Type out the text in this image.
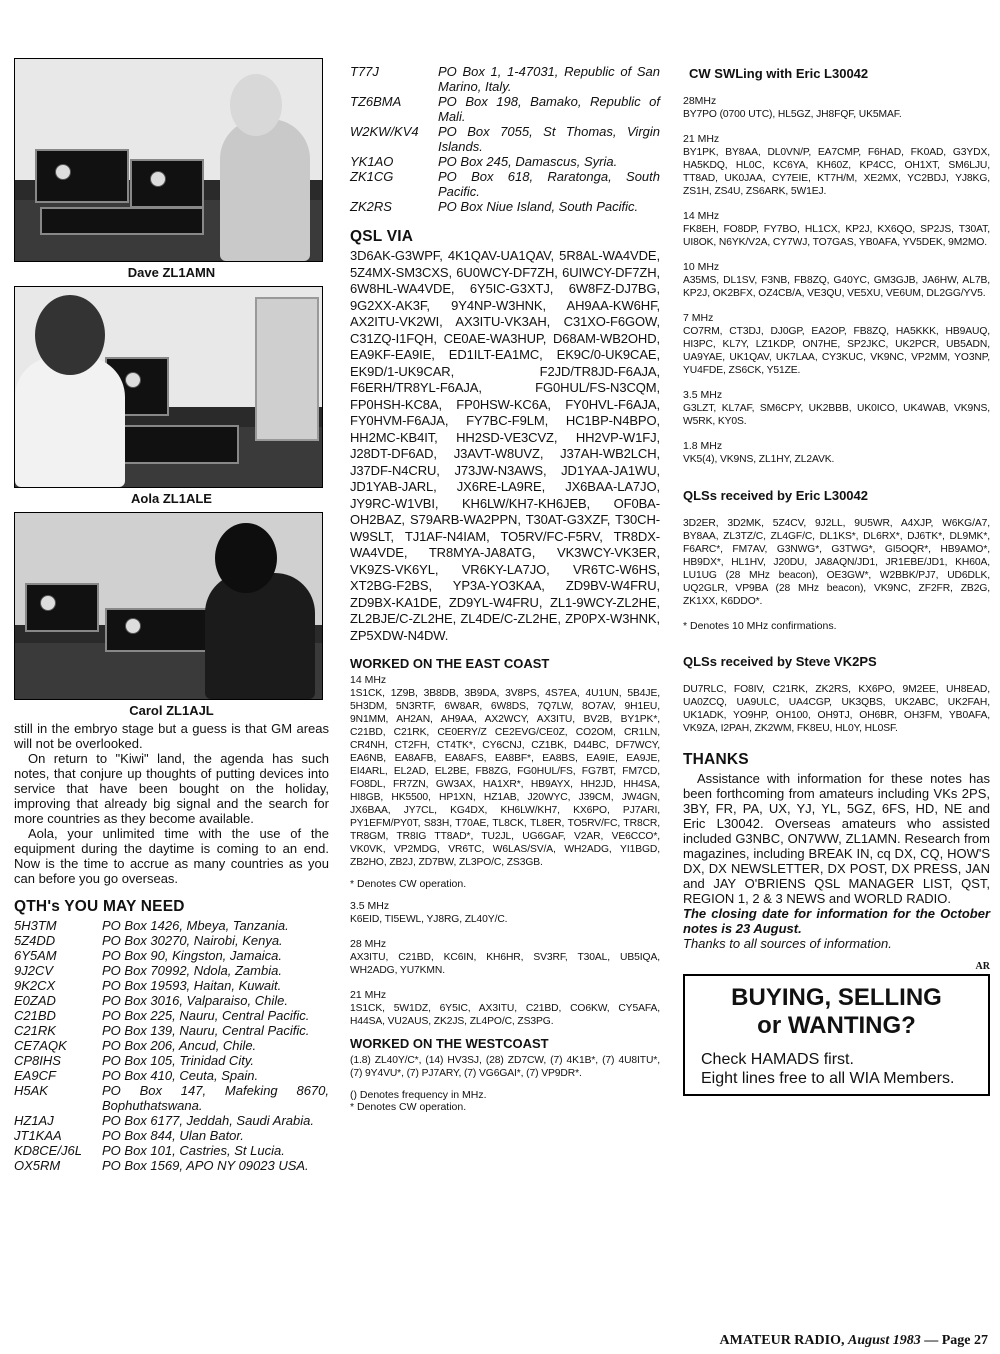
Dave ZL1AMN
Aola ZL1ALE
Carol ZL1AJL

still in the embryo stage but a guess is that GM areas will not be overlooked.

On return to "Kiwi" land, the agenda has such notes, that conjure up thoughts of putting devices into service that have been bought on the holiday, improving that already big signal and the search for more countries as they become available.

Aola, your unlimited time with the use of the equipment during the daytime is coming to an end. Now is the time to accrue as many countries as you can before you go overseas.

QTH's YOU MAY NEED
5H3TM	PO Box 1426, Mbeya, Tanzania.
5Z4DD	PO Box 30270, Nairobi, Kenya.
6Y5AM	PO Box 90, Kingston, Jamaica.
9J2CV	PO Box 70992, Ndola, Zambia.
9K2CX	PO Box 19593, Haitan, Kuwait.
E0ZAD	PO Box 3016, Valparaiso, Chile.
C21BD	PO Box 225, Nauru, Central Pacific.
C21RK	PO Box 139, Nauru, Central Pacific.
CE7AQK	PO Box 206, Ancud, Chile.
CP8IHS	PO Box 105, Trinidad City.
EA9CF	PO Box 410, Ceuta, Spain.
H5AK	PO Box 147, Mafeking 8670, Bophuthatswana.
HZ1AJ	PO Box 6177, Jeddah, Saudi Arabia.
JT1KAA	PO Box 844, Ulan Bator.
KD8CE/J6L	PO Box 101, Castries, St Lucia.
OX5RM	PO Box 1569, APO NY 09023 USA.
T77J	PO Box 1, 1-47031, Republic of San Marino, Italy.
TZ6BMA	PO Box 198, Bamako, Republic of Mali.
W2KW/KV4	PO Box 7055, St Thomas, Virgin Islands.
YK1AO	PO Box 245, Damascus, Syria.
ZK1CG	PO Box 618, Raratonga, South Pacific.
ZK2RS	PO Box Niue Island, South Pacific.
QSL VIA

3D6AK-G3WPF, 4K1QAV-UA1QAV, 5R8AL-WA4VDE, 5Z4MX-SM3CXS, 6U0WCY-DF7ZH, 6UIWCY-DF7ZH, 6W8HL-WA4VDE, 6Y5IC-G3XTJ, 6W8FZ-DJ7BG, 9G2XX-AK3F, 9Y4NP-W3HNK, AH9AA-KW6HF, AX2ITU-VK2WI, AX3ITU-VK3AH, C31XO-F6GOW, C31ZQ-I1FQH, CE0AE-WA3HUP, D68AM-WB2OHD, EA9KF-EA9IE, ED1ILT-EA1MC, EK9C/0-UK9CAE, EK9D/1-UK9CAR, F2JD/TR8JD-F6AJA, F6ERH/TR8YL-F6AJA, FG0HUL/FS-N3CQM, FP0HSH-KC8A, FP0HSW-KC6A, FY0HVL-F6AJA, FY0HVM-F6AJA, FY7BC-F9LM, HC1BP-N4BPO, HH2MC-KB4IT, HH2SD-VE3CVZ, HH2VP-W1FJ, J28DT-DF6AD, J3AVT-W8UVZ, J37AH-WB2LCH, J37DF-N4CRU, J73JW-N3AWS, JD1YAA-JA1WU, JD1YAB-JARL, JX6RE-LA9RE, JX6BAA-LA7JO, JY9RC-W1VBI, KH6LW/KH7-KH6JEB, OF0BA-OH2BAZ, S79ARB-WA2PPN, T30AT-G3XZF, T30CH-W9SLT, TJ1AF-N4IAM, TO5RV/FC-F5RV, TR8DX-WA4VDE, TR8MYA-JA8ATG, VK3WCY-VK3ER, VK9ZS-VK6YL, VR6KY-LA7JO, VR6TC-W6HS, XT2BG-F2BS, YP3A-YO3KAA, ZD9BV-W4FRU, ZD9BX-KA1DE, ZD9YL-W4FRU, ZL1-9WCY-ZL2HE, ZL2BJE/C-ZL2HE, ZL4DE/C-ZL2HE, ZP0PX-W3HNK, ZP5XDW-N4DW.

WORKED ON THE EAST COAST
14 MHz

1S1CK, 1Z9B, 3B8DB, 3B9DA, 3V8PS, 4S7EA, 4U1UN, 5B4JE, 5H3DM, 5N3RTF, 6W8AR, 6W8DS, 7Q7LW, 8O7AV, 9H1EU, 9N1MM, AH2AN, AH9AA, AX2WCY, AX3ITU, BV2B, BY1PK*, C21BD, C21RK, CE0ERY/Z CE2EVG/CE0Z, CO2OM, CR1LN, CR4NH, CT2FH, CT4TK*, CY6CNJ, CZ1BK, D44BC, DF7WCY, EA6NB, EA8AFB, EA8AFS, EA8BF*, EA8BS, EA9IE, EA9JE, EI4ARL, EL2AD, EL2BE, FB8ZG, FG0HUL/FS, FG7BT, FM7CD, FO8DL, FR7ZN, GW3AX, HA1XR*, HB9AYX, HH2JD, HH4SA, HI8GB, HK5500, HP1XN, HZ1AB, J20WYC, J39CM, JW4GN, JX6BAA, JY7CL, KG4DX, KH6LW/KH7, KX6PO, PJ7ARI, PY1EFM/PY0T, S83H, T70AE, TL8CK, TL8ER, TO5RV/FC, TR8CR, TR8GM, TR8IG TT8AD*, TU2JL, UG6GAF, V2AR, VE6CCO*, VK0VK, VP2MDG, VR6TC, W6LAS/SV/A, WH2ADG, YI1BGD, ZB2HO, ZB2J, ZD7BW, ZL3PO/C, ZS3GB.

* Denotes CW operation.
3.5 MHz

K6EID, TI5EWL, YJ8RG, ZL40Y/C.

28 MHz

AX3ITU, C21BD, KC6IN, KH6HR, SV3RF, T30AL, UB5IQA, WH2ADG, YU7KMN.

21 MHz

1S1CK, 5W1DZ, 6Y5IC, AX3ITU, C21BD, CO6KW, CY5AFA, H44SA, VU2AUS, ZK2JS, ZL4PO/C, ZS3PG.

WORKED ON THE WESTCOAST

(1.8) ZL40Y/C*, (14) HV3SJ, (28) ZD7CW, (7) 4K1B*, (7) 4U8ITU*, (7) 9Y4VU*, (7) PJ7ARY, (7) VG6GAI*, (7) VP9DR*.

() Denotes frequency in MHz.
* Denotes CW operation.
CW SWLing with Eric L30042
28MHz

BY7PO (0700 UTC), HL5GZ, JH8FQF, UK5MAF.

21 MHz

BY1PK, BY8AA, DL0VN/P, EA7CMP, F6HAD, FK0AD, G3YDX, HA5KDQ, HL0C, KC6YA, KH60Z, KP4CC, OH1XT, SM6LJU, TT8AD, UK0JAA, CY7EIE, KT7H/M, XE2MX, YC2BDJ, YJ8KG, ZS1H, ZS4U, ZS6ARK, 5W1EJ.

14 MHz

FK8EH, FO8DP, FY7BO, HL1CX, KP2J, KX6QO, SP2JS, T30AT, UI8OK, N6YK/V2A, CY7WJ, TO7GAS, YB0AFA, YV5DEK, 9M2MO.

10 MHz

A35MS, DL1SV, F3NB, FB8ZQ, G40YC, GM3GJB, JA6HW, AL7B, KP2J, OK2BFX, OZ4CB/A, VE3QU, VE5XU, VE6UM, DL2GG/YV5.

7 MHz

CO7RM, CT3DJ, DJ0GP, EA2OP, FB8ZQ, HA5KKK, HB9AUQ, HI3PC, KL7Y, LZ1KDP, ON7HE, SP2JKC, UK2PCR, UB5ADN, UA9YAE, UK1QAV, UK7LAA, CY3KUC, VK9NC, VP2MM, YO3NP, YU4FDE, ZS6CK, Y51ZE.

3.5 MHz

G3LZT, KL7AF, SM6CPY, UK2BBB, UK0ICO, UK4WAB, VK9NS, W5RK, KY0S.

1.8 MHz

VK5(4), VK9NS, ZL1HY, ZL2AVK.

QLSs received by Eric L30042

3D2ER, 3D2MK, 5Z4CV, 9J2LL, 9U5WR, A4XJP, W6KG/A7, BY8AA, ZL3TZ/C, ZL4GF/C, DL1KS*, DL6RX*, DJ6TK*, DL9MK*, F6ARC*, FM7AV, G3NWG*, G3TWG*, GI5OQR*, HB9AMO*, HB9DX*, HL1HV, J20DU, JA8AQN/JD1, JR1EBE/JD1, KH60A, LU1UG (28 MHz beacon), OE3GW*, W2BBK/PJ7, UD6DLK, UQ2GLR, VP9BA (28 MHz beacon), VK9NC, ZF2FR, ZB2G, ZK1XX, K6DDO*.

* Denotes 10 MHz confirmations.
QLSs received by Steve VK2PS

DU7RLC, FO8IV, C21RK, ZK2RS, KX6PO, 9M2EE, UH8EAD, UA0ZCQ, UA9ULC, UA4CGP, UK3QBS, UK2ABC, UK2FAH, UK1ADK, YO9HP, OH100, OH9TJ, OH6BR, OH3FM, YB0AFA, VK9ZA, I2PAH, ZK2WM, FK8EU, HL0Y, HL0SF.

THANKS

Assistance with information for these notes has been forthcoming from amateurs including VKs 2PS, 3BY, FR, PA, UX, YJ, YL, 5GZ, 6FS, HD, NE and Eric L30042. Overseas amateurs who assisted included G3NBC, ON7WW, ZL1AMN. Research from magazines, including BREAK IN, cq DX, CQ, HOW'S DX, DX NEWSLETTER, DX POST, DX PRESS, JAN and JAY O'BRIENS QSL MANAGER LIST, QST, REGION 1, 2 & 3 NEWS and WORLD RADIO.

The closing date for information for the October notes is 23 August.

Thanks to all sources of information.

AR
BUYING, SELLING
or WANTING?
Check HAMADS first.
Eight lines free to all WIA Members.
AMATEUR RADIO, August 1983 — Page 27
